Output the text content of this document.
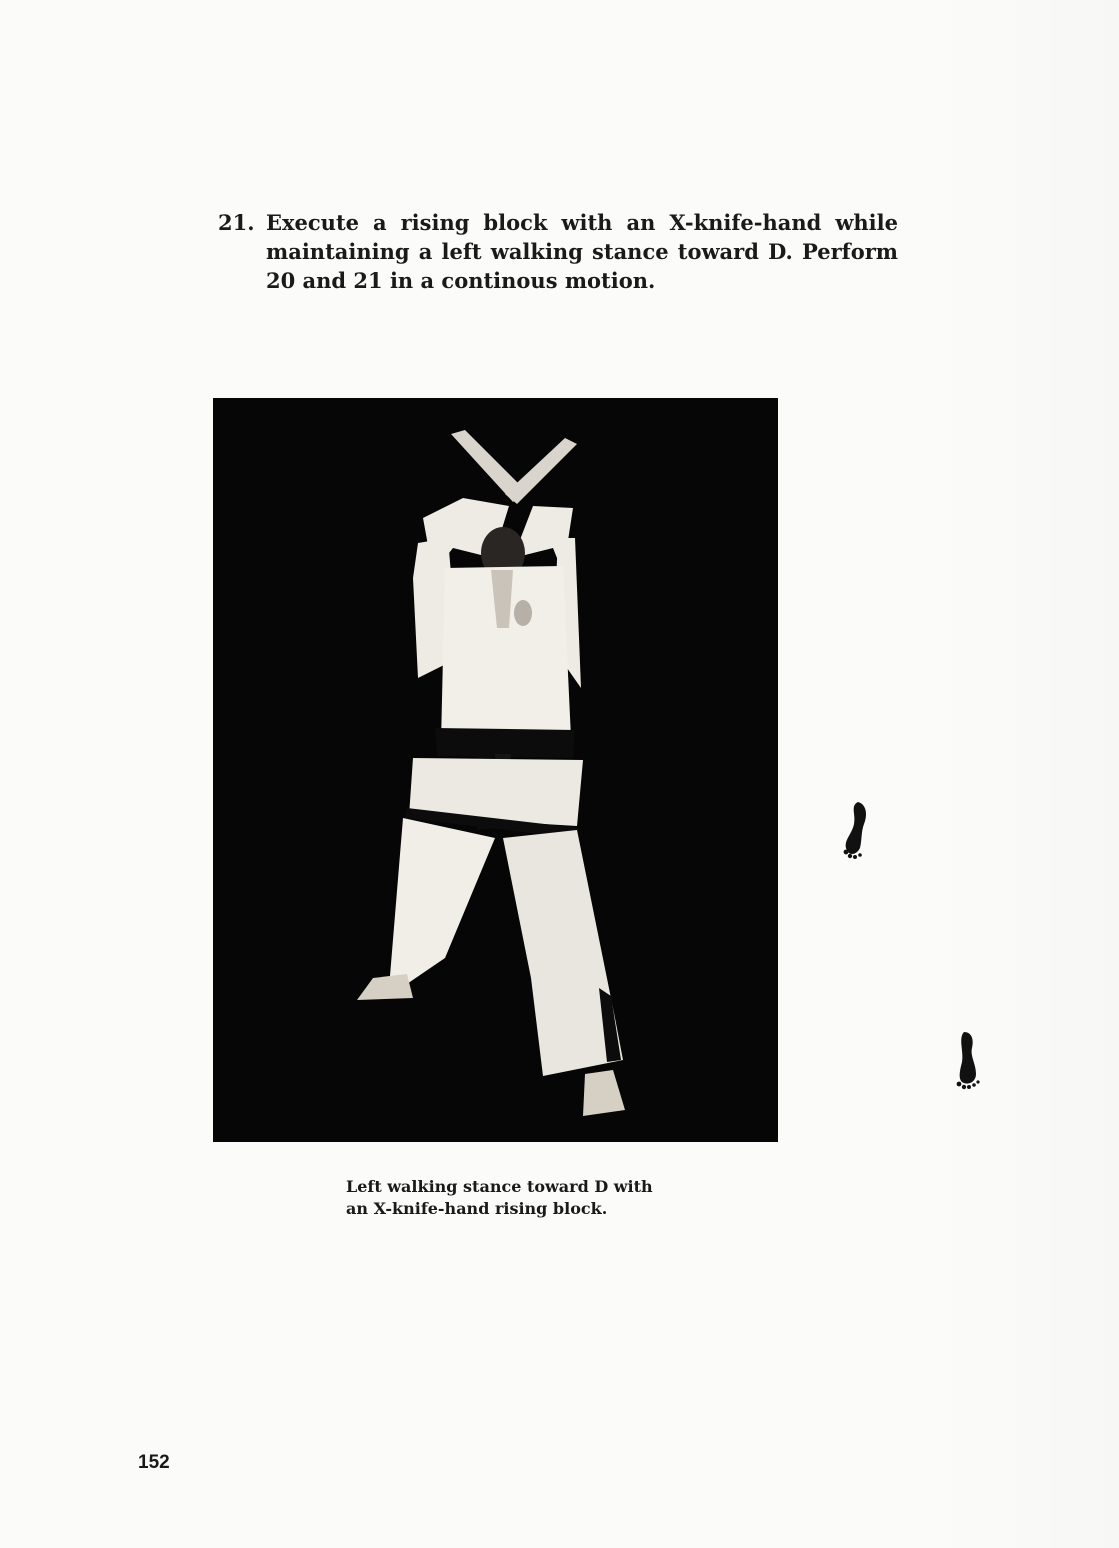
21. Execute a rising block with an X-knife-hand while maintaining a left walking stance toward D. Perform 20 and 21 in a continous motion.
Left walking stance toward D with
an X-knife-hand rising block.
152
